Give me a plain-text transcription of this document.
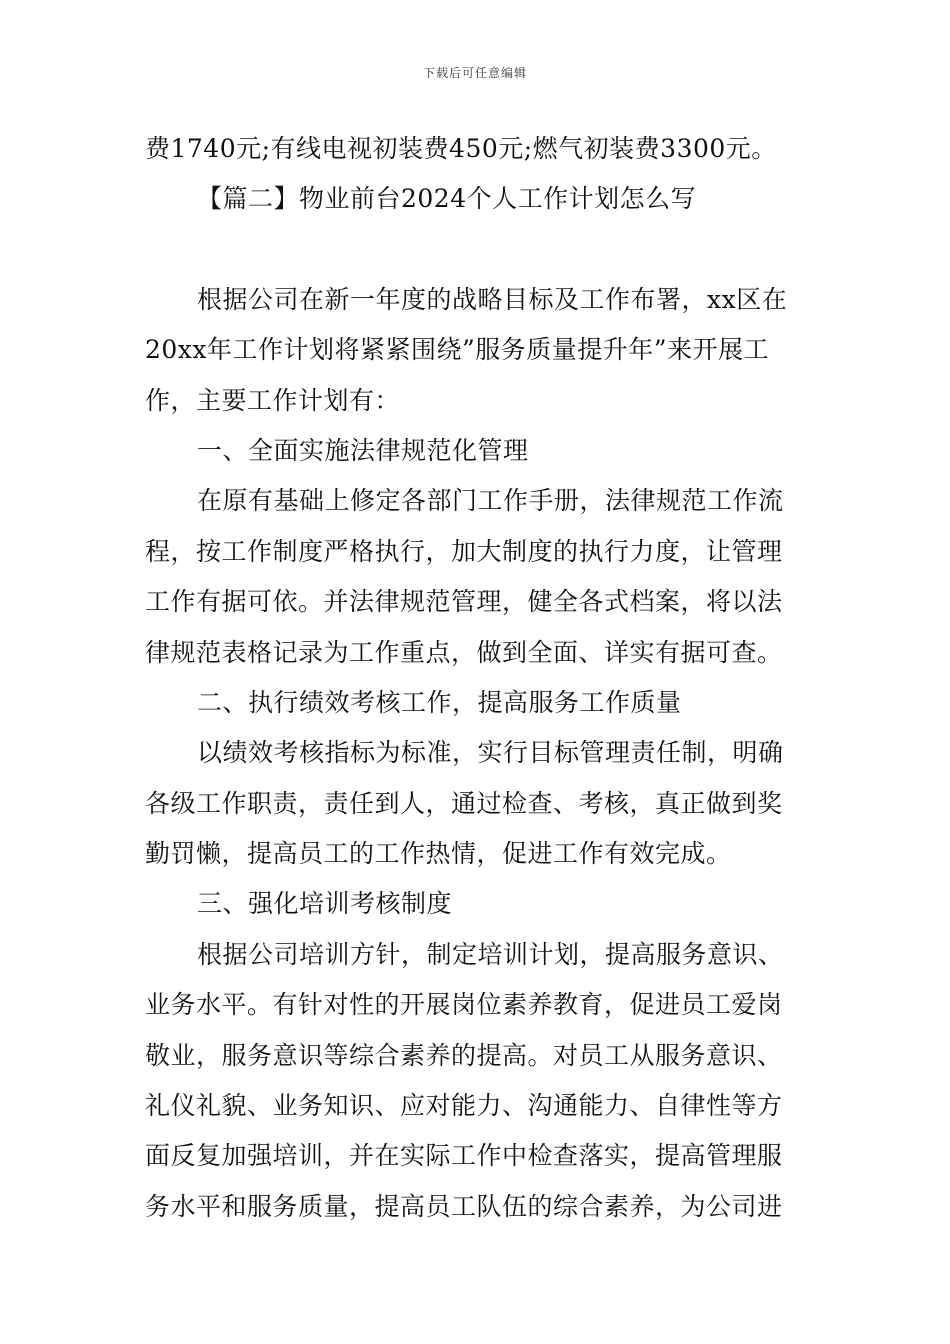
下载后可任意编辑
费1740元;有线电视初装费450元;燃气初装费3300元。
【篇二】物业前台2024个人工作计划怎么写
根据公司在新一年度的战略目标及工作布署，xx区在
20xx年工作计划将紧紧围绕”服务质量提升年”来开展工
作，主要工作计划有：
一、全面实施法律规范化管理
在原有基础上修定各部门工作手册，法律规范工作流
程，按工作制度严格执行，加大制度的执行力度，让管理
工作有据可依。并法律规范管理，健全各式档案，将以法
律规范表格记录为工作重点，做到全面、详实有据可查。
二、执行绩效考核工作，提高服务工作质量
以绩效考核指标为标准，实行目标管理责任制，明确
各级工作职责，责任到人，通过检查、考核，真正做到奖
勤罚懒，提高员工的工作热情，促进工作有效完成。
三、强化培训考核制度
根据公司培训方针，制定培训计划，提高服务意识、
业务水平。有针对性的开展岗位素养教育，促进员工爱岗
敬业，服务意识等综合素养的提高。对员工从服务意识、
礼仪礼貌、业务知识、应对能力、沟通能力、自律性等方
面反复加强培训，并在实际工作中检查落实，提高管理服
务水平和服务质量，提高员工队伍的综合素养，为公司进
